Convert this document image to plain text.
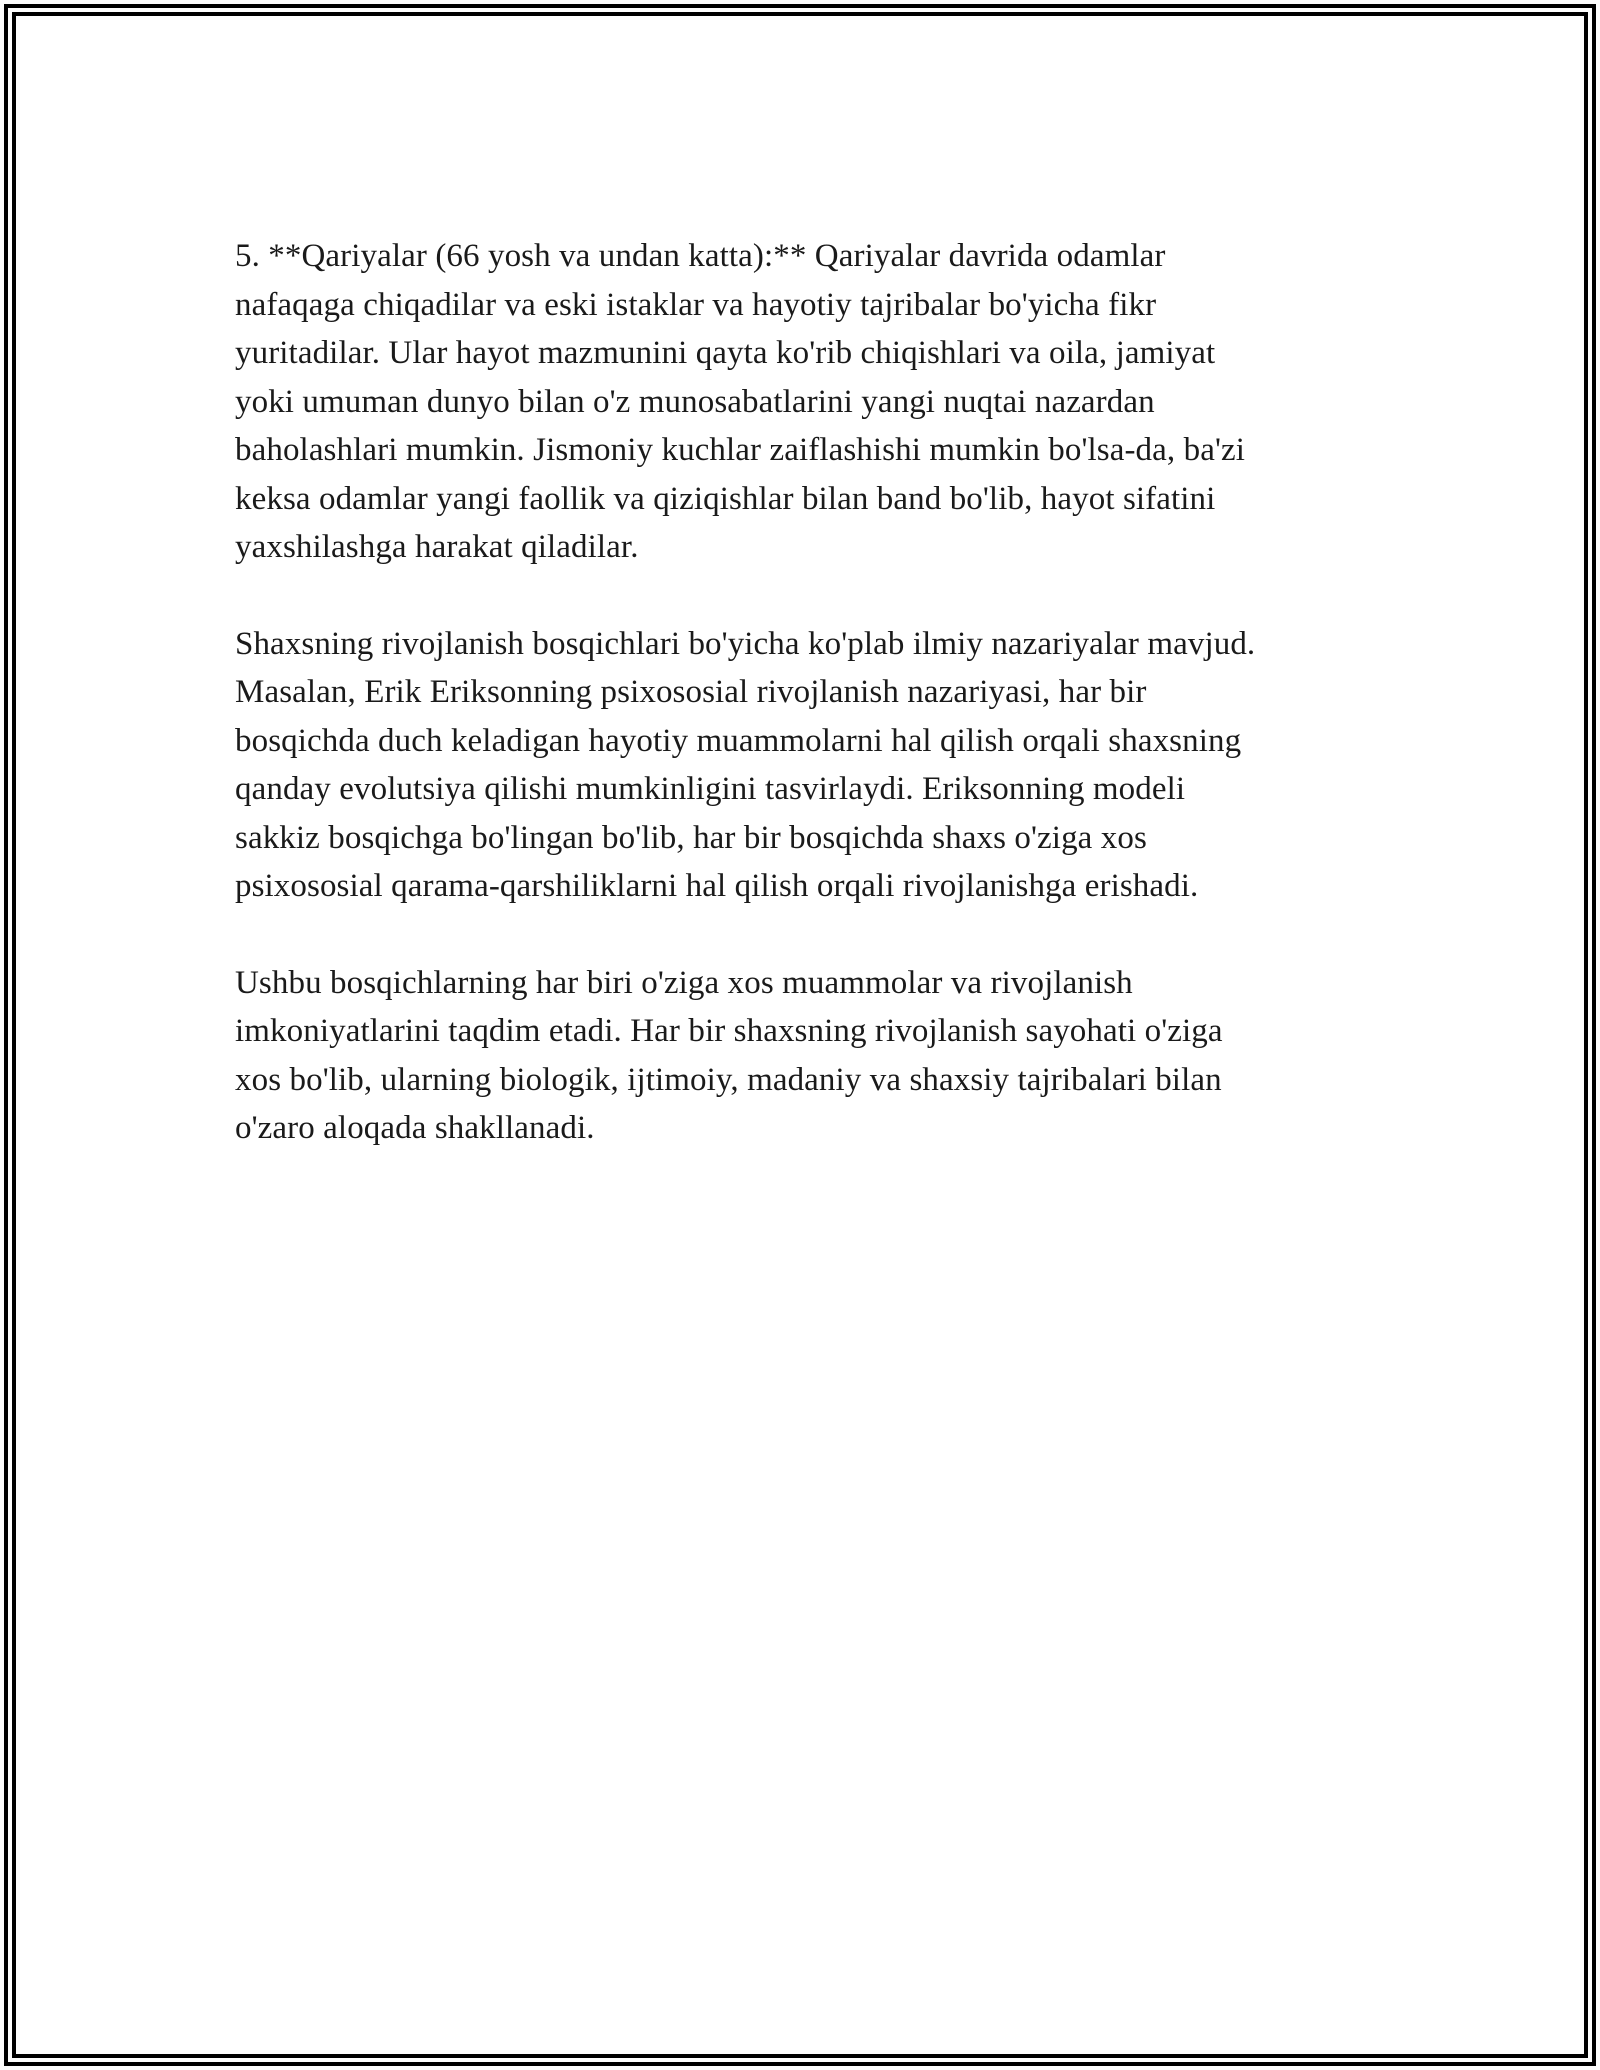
5. **Qariyalar (66 yosh va undan katta):** Qariyalar davrida odamlar
nafaqaga chiqadilar va eski istaklar va hayotiy tajribalar bo'yicha fikr
yuritadilar. Ular hayot mazmunini qayta ko'rib chiqishlari va oila, jamiyat
yoki umuman dunyo bilan o'z munosabatlarini yangi nuqtai nazardan
baholashlari mumkin. Jismoniy kuchlar zaiflashishi mumkin bo'lsa-da, ba'zi
keksa odamlar yangi faollik va qiziqishlar bilan band bo'lib, hayot sifatini
yaxshilashga harakat qiladilar.

Shaxsning rivojlanish bosqichlari bo'yicha ko'plab ilmiy nazariyalar mavjud.
Masalan, Erik Eriksonning psixososial rivojlanish nazariyasi, har bir
bosqichda duch keladigan hayotiy muammolarni hal qilish orqali shaxsning
qanday evolutsiya qilishi mumkinligini tasvirlaydi. Eriksonning modeli
sakkiz bosqichga bo'lingan bo'lib, har bir bosqichda shaxs o'ziga xos
psixososial qarama-qarshiliklarni hal qilish orqali rivojlanishga erishadi.

Ushbu bosqichlarning har biri o'ziga xos muammolar va rivojlanish
imkoniyatlarini taqdim etadi. Har bir shaxsning rivojlanish sayohati o'ziga
xos bo'lib, ularning biologik, ijtimoiy, madaniy va shaxsiy tajribalari bilan
o'zaro aloqada shakllanadi.
